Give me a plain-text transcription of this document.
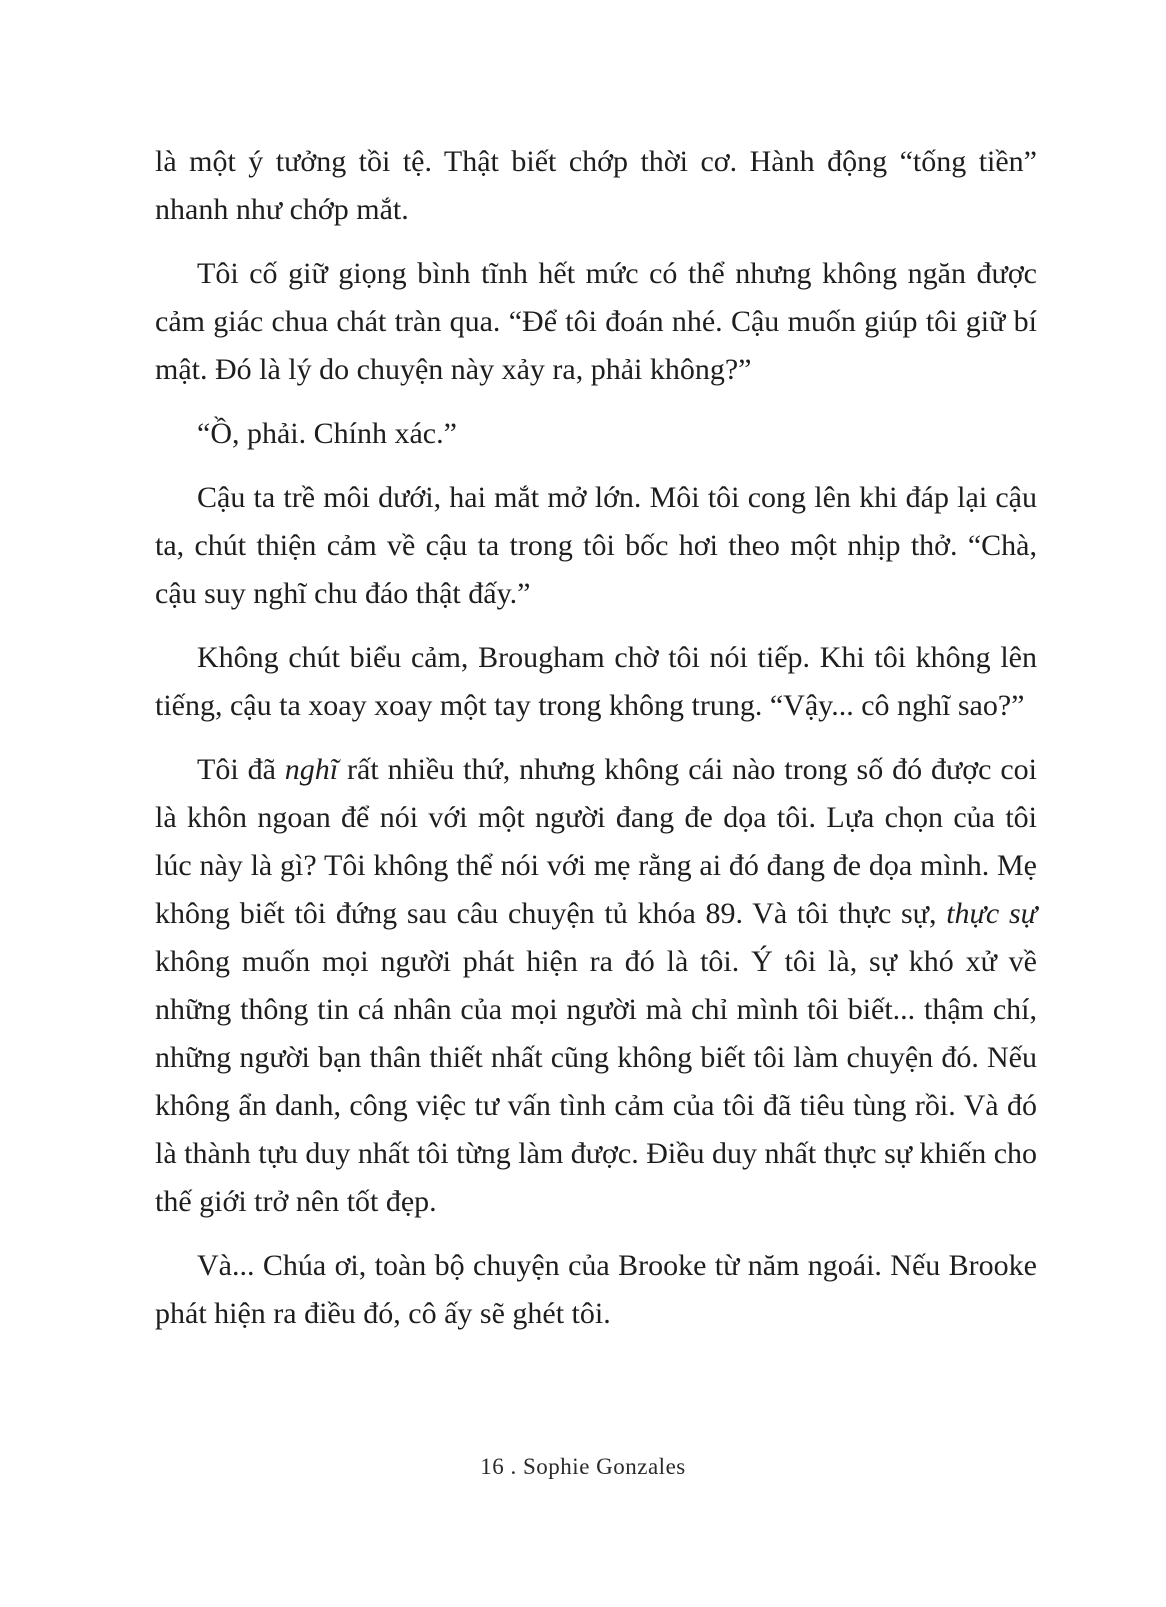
là một ý tưởng tồi tệ. Thật biết chớp thời cơ. Hành động “tống tiền” nhanh như chớp mắt.

Tôi cố giữ giọng bình tĩnh hết mức có thể nhưng không ngăn được cảm giác chua chát tràn qua. “Để tôi đoán nhé. Cậu muốn giúp tôi giữ bí mật. Đó là lý do chuyện này xảy ra, phải không?”

“Ồ, phải. Chính xác.”

Cậu ta trề môi dưới, hai mắt mở lớn. Môi tôi cong lên khi đáp lại cậu ta, chút thiện cảm về cậu ta trong tôi bốc hơi theo một nhịp thở. “Chà, cậu suy nghĩ chu đáo thật đấy.”

Không chút biểu cảm, Brougham chờ tôi nói tiếp. Khi tôi không lên tiếng, cậu ta xoay xoay một tay trong không trung. “Vậy... cô nghĩ sao?”

Tôi đã nghĩ rất nhiều thứ, nhưng không cái nào trong số đó được coi là khôn ngoan để nói với một người đang đe dọa tôi. Lựa chọn của tôi lúc này là gì? Tôi không thể nói với mẹ rằng ai đó đang đe dọa mình. Mẹ không biết tôi đứng sau câu chuyện tủ khóa 89. Và tôi thực sự, thực sự không muốn mọi người phát hiện ra đó là tôi. Ý tôi là, sự khó xử về những thông tin cá nhân của mọi người mà chỉ mình tôi biết... thậm chí, những người bạn thân thiết nhất cũng không biết tôi làm chuyện đó. Nếu không ẩn danh, công việc tư vấn tình cảm của tôi đã tiêu tùng rồi. Và đó là thành tựu duy nhất tôi từng làm được. Điều duy nhất thực sự khiến cho thế giới trở nên tốt đẹp.

Và... Chúa ơi, toàn bộ chuyện của Brooke từ năm ngoái. Nếu Brooke phát hiện ra điều đó, cô ấy sẽ ghét tôi.

16 . Sophie Gonzales
